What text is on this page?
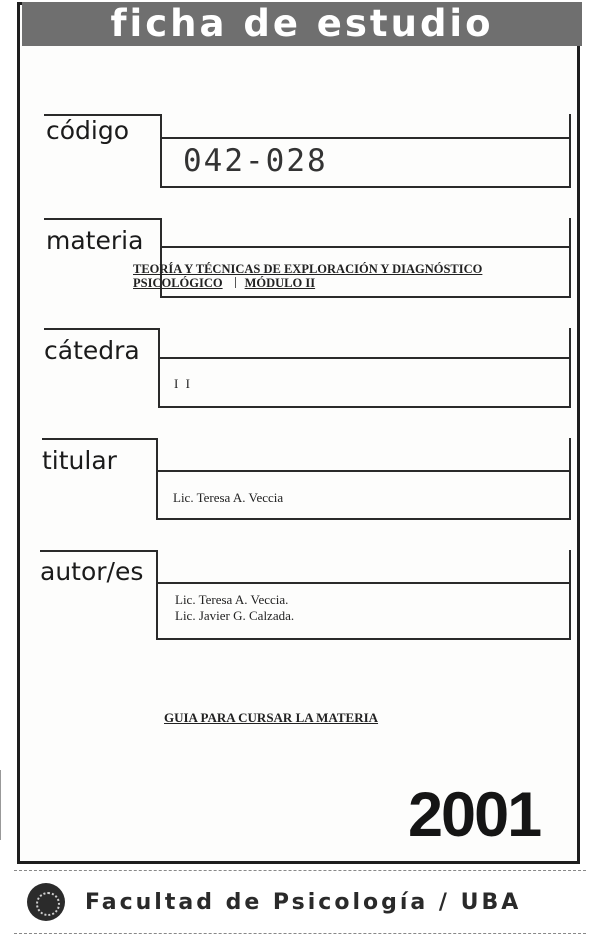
ficha de estudio
código
042-028
materia
TEORÍA Y TÉCNICAS DE EXPLORACIÓN Y DIAGNÓSTICO
PSICOLÓGICO MÓDULO II
cátedra
I I
titular
Lic. Teresa A. Veccia
autor/es
Lic. Teresa A. Veccia.
Lic. Javier G. Calzada.
GUIA PARA CURSAR LA MATERIA
2001
Facultad de Psicología / UBA
